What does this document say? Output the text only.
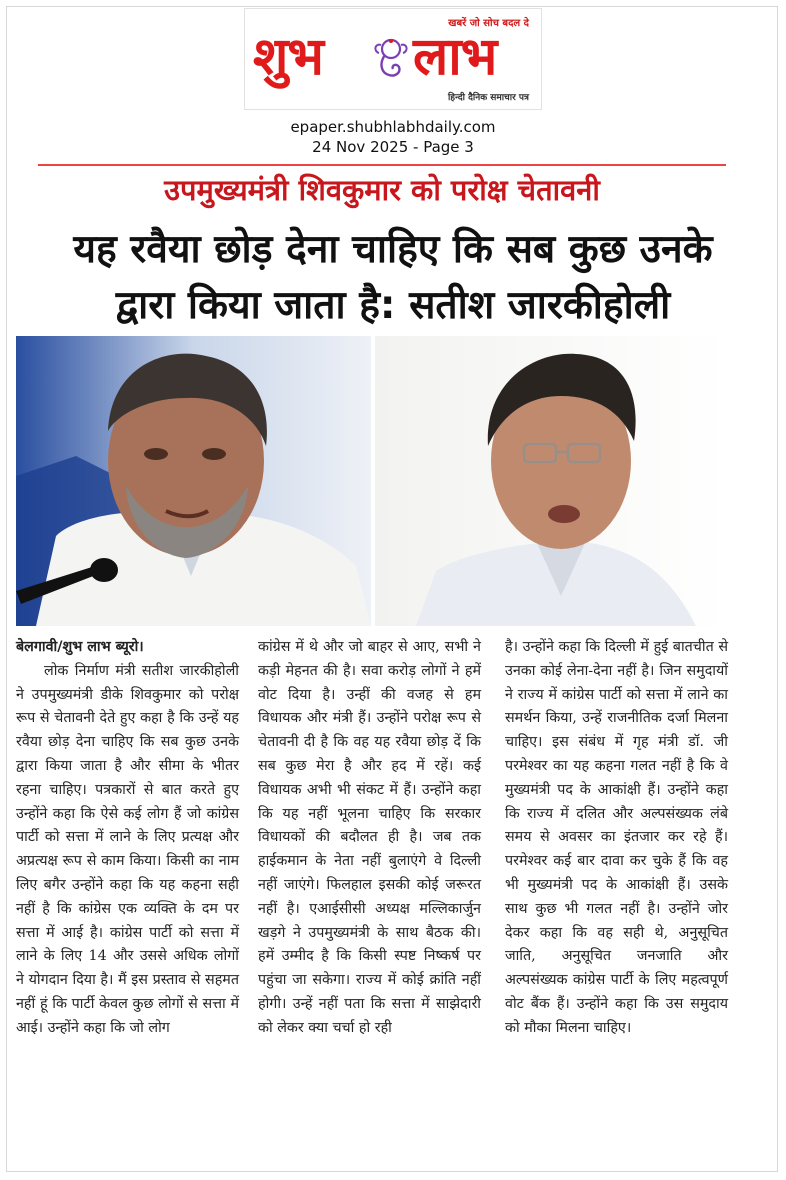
खबरें जो सोच बदल दे
शुभ लाभ
हिन्दी दैनिक समाचार पत्र
epaper.shubhlabhdaily.com
24 Nov 2025 - Page 3
उपमुख्यमंत्री शिवकुमार को परोक्ष चेतावनी
यह रवैया छोड़ देना चाहिए कि सब कुछ उनके
द्वारा किया जाता है: सतीश जारकीहोली

बेलगावी/शुभ लाभ ब्यूरो।

लोक निर्माण मंत्री सतीश जारकीहोली ने उपमुख्यमंत्री डीके शिवकुमार को परोक्ष रूप से चेतावनी देते हुए कहा है कि उन्हें यह रवैया छोड़ देना चाहिए कि सब कुछ उनके द्वारा किया जाता है और सीमा के भीतर रहना चाहिए। पत्रकारों से बात करते हुए उन्होंने कहा कि ऐसे कई लोग हैं जो कांग्रेस पार्टी को सत्ता में लाने के लिए प्रत्यक्ष और अप्रत्यक्ष रूप से काम किया। किसी का नाम लिए बगैर उन्होंने कहा कि यह कहना सही नहीं है कि कांग्रेस एक व्यक्ति के दम पर सत्ता में आई है। कांग्रेस पार्टी को सत्ता में लाने के लिए 14 और उससे अधिक लोगों ने योगदान दिया है। मैं इस प्रस्ताव से सहमत नहीं हूं कि पार्टी केवल कुछ लोगों से सत्ता में आई। उन्होंने कहा कि जो लोग

कांग्रेस में थे और जो बाहर से आए, सभी ने कड़ी मेहनत की है। सवा करोड़ लोगों ने हमें वोट दिया है। उन्हीं की वजह से हम विधायक और मंत्री हैं। उन्होंने परोक्ष रूप से चेतावनी दी है कि वह यह रवैया छोड़ दें कि सब कुछ मेरा है और हद में रहें। कई विधायक अभी भी संकट में हैं। उन्होंने कहा कि यह नहीं भूलना चाहिए कि सरकार विधायकों की बदौलत ही है। जब तक हाईकमान के नेता नहीं बुलाएंगे वे दिल्ली नहीं जाएंगे। फिलहाल इसकी कोई जरूरत नहीं है। एआईसीसी अध्यक्ष मल्लिकार्जुन खड़गे ने उपमुख्यमंत्री के साथ बैठक की। हमें उम्मीद है कि किसी स्पष्ट निष्कर्ष पर पहुंचा जा सकेगा। राज्य में कोई क्रांति नहीं होगी। उन्हें नहीं पता कि सत्ता में साझेदारी को लेकर क्या चर्चा हो रही

है। उन्होंने कहा कि दिल्ली में हुई बातचीत से उनका कोई लेना-देना नहीं है। जिन समुदायों ने राज्य में कांग्रेस पार्टी को सत्ता में लाने का समर्थन किया, उन्हें राजनीतिक दर्जा मिलना चाहिए। इस संबंध में गृह मंत्री डॉ. जी परमेश्वर का यह कहना गलत नहीं है कि वे मुख्यमंत्री पद के आकांक्षी हैं। उन्होंने कहा कि राज्य में दलित और अल्पसंख्यक लंबे समय से अवसर का इंतजार कर रहे हैं। परमेश्वर कई बार दावा कर चुके हैं कि वह भी मुख्यमंत्री पद के आकांक्षी हैं। उसके साथ कुछ भी गलत नहीं है। उन्होंने जोर देकर कहा कि वह सही थे, अनुसूचित जाति, अनुसूचित जनजाति और अल्पसंख्यक कांग्रेस पार्टी के लिए महत्वपूर्ण वोट बैंक हैं। उन्होंने कहा कि उस समुदाय को मौका मिलना चाहिए।
